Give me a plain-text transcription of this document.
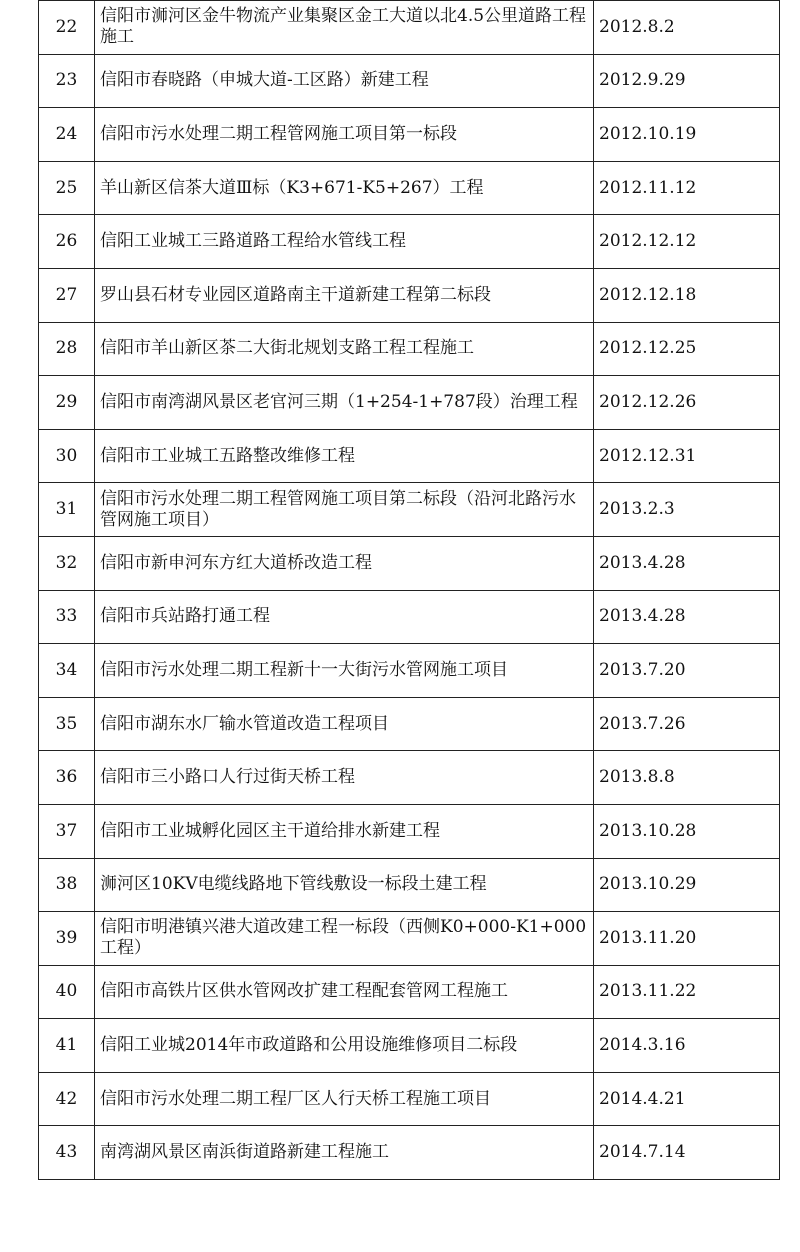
22	信阳市浉河区金牛物流产业集聚区金工大道以北4.5公里道路工程施工	2012.8.2
23	信阳市春晓路（申城大道-工区路）新建工程	2012.9.29
24	信阳市污水处理二期工程管网施工项目第一标段	2012.10.19
25	羊山新区信茶大道Ⅲ标（K3+671-K5+267）工程	2012.11.12
26	信阳工业城工三路道路工程给水管线工程	2012.12.12
27	罗山县石材专业园区道路南主干道新建工程第二标段	2012.12.18
28	信阳市羊山新区茶二大街北规划支路工程工程施工	2012.12.25
29	信阳市南湾湖风景区老官河三期（1+254-1+787段）治理工程	2012.12.26
30	信阳市工业城工五路整改维修工程	2012.12.31
31	信阳市污水处理二期工程管网施工项目第二标段（沿河北路污水管网施工项目）	2013.2.3
32	信阳市新申河东方红大道桥改造工程	2013.4.28
33	信阳市兵站路打通工程	2013.4.28
34	信阳市污水处理二期工程新十一大街污水管网施工项目	2013.7.20
35	信阳市湖东水厂输水管道改造工程项目	2013.7.26
36	信阳市三小路口人行过街天桥工程	2013.8.8
37	信阳市工业城孵化园区主干道给排水新建工程	2013.10.28
38	浉河区10KV电缆线路地下管线敷设一标段土建工程	2013.10.29
39	信阳市明港镇兴港大道改建工程一标段（西侧K0+000-K1+000工程）	2013.11.20
40	信阳市高铁片区供水管网改扩建工程配套管网工程施工	2013.11.22
41	信阳工业城2014年市政道路和公用设施维修项目二标段	2014.3.16
42	信阳市污水处理二期工程厂区人行天桥工程施工项目	2014.4.21
43	南湾湖风景区南浜街道路新建工程施工	2014.7.14
